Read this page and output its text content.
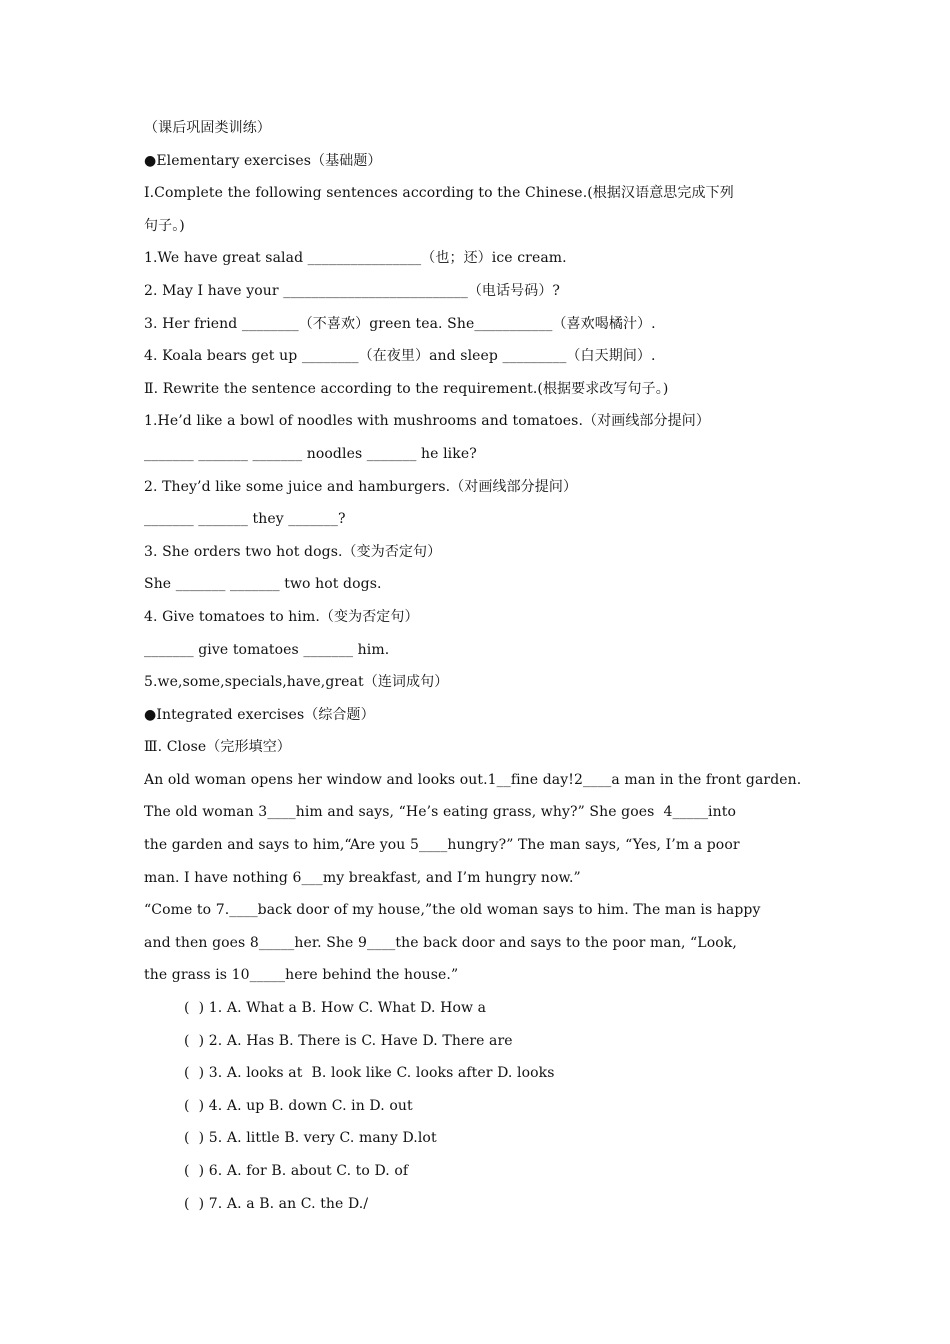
（课后巩固类训练）
●Elementary exercises（基础题）
Ⅰ.Complete the following sentences according to the Chinese.(根据汉语意思完成下列
句子。)
1.We have great salad ________________（也；还）ice cream.
2. May I have your __________________________（电话号码）?
3. Her friend ________（不喜欢）green tea. She___________（喜欢喝橘汁）.
4. Koala bears get up ________（在夜里）and sleep _________（白天期间）.
Ⅱ. Rewrite the sentence according to the requirement.(根据要求改写句子。)
1.He’d like a bowl of noodles with mushrooms and tomatoes.（对画线部分提问）
_______ _______ _______ noodles _______ he like?
2. They’d like some juice and hamburgers.（对画线部分提问）
_______ _______ they _______?
3. She orders two hot dogs.（变为否定句）
She _______ _______ two hot dogs.
4. Give tomatoes to him.（变为否定句）
_______ give tomatoes _______ him.
5.we,some,specials,have,great（连词成句）
●Integrated exercises（综合题）
Ⅲ. Close（完形填空）
An old woman opens her window and looks out.1__fine day!2____a man in the front garden.
The old woman 3____him and says, “He’s eating grass, why?” She goes  4_____into
the garden and says to him,“Are you 5____hungry?” The man says, “Yes, I’m a poor
man. I have nothing 6___my breakfast, and I’m hungry now.”
“Come to 7.____back door of my house,”the old woman says to him. The man is happy
and then goes 8_____her. She 9____the back door and says to the poor man, “Look,
the grass is 10_____here behind the house.”
(  ) 1. A. What a B. How C. What D. How a
(  ) 2. A. Has B. There is C. Have D. There are
(  ) 3. A. looks at  B. look like C. looks after D. looks
(  ) 4. A. up B. down C. in D. out
(  ) 5. A. little B. very C. many D.lot
(  ) 6. A. for B. about C. to D. of
(  ) 7. A. a B. an C. the D./
